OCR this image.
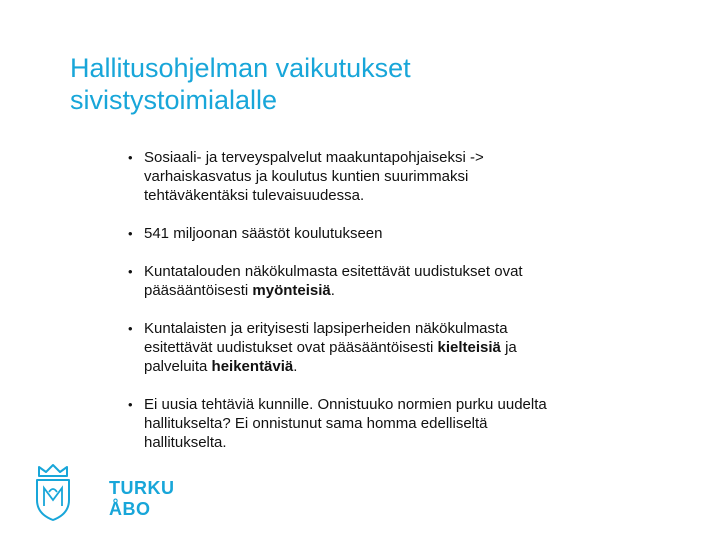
Hallitusohjelman vaikutukset
sivistystoimialalle
• Sosiaali- ja terveyspalvelut maakuntapohjaiseksi ->
varhaiskasvatus ja koulutus kuntien suurimmaksi
tehtäväkentäksi tulevaisuudessa.
• 541 miljoonan säästöt koulutukseen
• Kuntatalouden näkökulmasta esitettävät uudistukset ovat
pääsääntöisesti myönteisiä.
• Kuntalaisten ja erityisesti lapsiperheiden näkökulmasta
esitettävät uudistukset ovat pääsääntöisesti kielteisiä ja
palveluita heikentäviä.
• Ei uusia tehtäviä kunnille. Onnistuuko normien purku uudelta
hallitukselta? Ei onnistunut sama homma edelliseltä
hallitukselta.
TURKU
ÅBO
